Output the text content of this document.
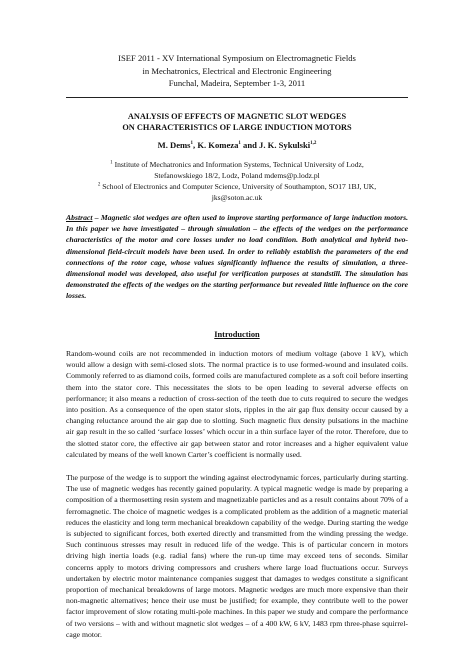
ISEF 2011 - XV International Symposium on Electromagnetic Fields
in Mechatronics, Electrical and Electronic Engineering
Funchal, Madeira, September 1-3, 2011
ANALYSIS OF EFFECTS OF MAGNETIC SLOT WEDGES
ON CHARACTERISTICS OF LARGE INDUCTION MOTORS
M. Dems$^1$, K. Komeza$^1$ and J. K. Sykulski$^{1,2}$
$^1$ Institute of Mechatronics and Information Systems, Technical University of Lodz,
Stefanowskiego 18/2, Lodz, Poland mdems@p.lodz.pl
$^2$ School of Electronics and Computer Science, University of Southampton, SO17 1BJ, UK,
jks@soton.ac.uk
Abstract – Magnetic slot wedges are often used to improve starting performance of large induction motors. In this paper we have investigated – through simulation – the effects of the wedges on the performance characteristics of the motor and core losses under no load condition. Both analytical and hybrid two-dimensional field-circuit models have been used. In order to reliably establish the parameters of the end connections of the rotor cage, whose values significantly influence the results of simulation, a three-dimensional model was developed, also useful for verification purposes at standstill. The simulation has demonstrated the effects of the wedges on the starting performance but revealed little influence on the core losses.
Introduction

Random-wound coils are not recommended in induction motors of medium voltage (above 1 kV), which would allow a design with semi-closed slots. The normal practice is to use formed-wound and insulated coils. Commonly referred to as diamond coils, formed coils are manufactured complete as a soft coil before inserting them into the stator core. This necessitates the slots to be open leading to several adverse effects on performance; it also means a reduction of cross-section of the teeth due to cuts required to secure the wedges into position. As a consequence of the open stator slots, ripples in the air gap flux density occur caused by a changing reluctance around the air gap due to slotting. Such magnetic flux density pulsations in the machine air gap result in the so called ‘surface losses’ which occur in a thin surface layer of the rotor. Therefore, due to the slotted stator core, the effective air gap between stator and rotor increases and a higher equivalent value calculated by means of the well known Carter’s coefficient is normally used.

The purpose of the wedge is to support the winding against electrodynamic forces, particularly during starting. The use of magnetic wedges has recently gained popularity. A typical magnetic wedge is made by preparing a composition of a thermosetting resin system and magnetizable particles and as a result contains about 70% of a ferromagnetic. The choice of magnetic wedges is a complicated problem as the addition of a magnetic material reduces the elasticity and long term mechanical breakdown capability of the wedge. During starting the wedge is subjected to significant forces, both exerted directly and transmitted from the winding pressing the wedge. Such continuous stresses may result in reduced life of the wedge. This is of particular concern in motors driving high inertia loads (e.g. radial fans) where the run-up time may exceed tens of seconds. Similar concerns apply to motors driving compressors and crushers where large load fluctuations occur. Surveys undertaken by electric motor maintenance companies suggest that damages to wedges constitute a significant proportion of mechanical breakdowns of large motors. Magnetic wedges are much more expensive than their non-magnetic alternatives; hence their use must be justified; for example, they contribute well to the power factor improvement of slow rotating multi-pole machines. In this paper we study and compare the performance of two versions – with and without magnetic slot wedges – of a 400 kW, 6 kV, 1483 rpm three-phase squirrel-cage motor.
